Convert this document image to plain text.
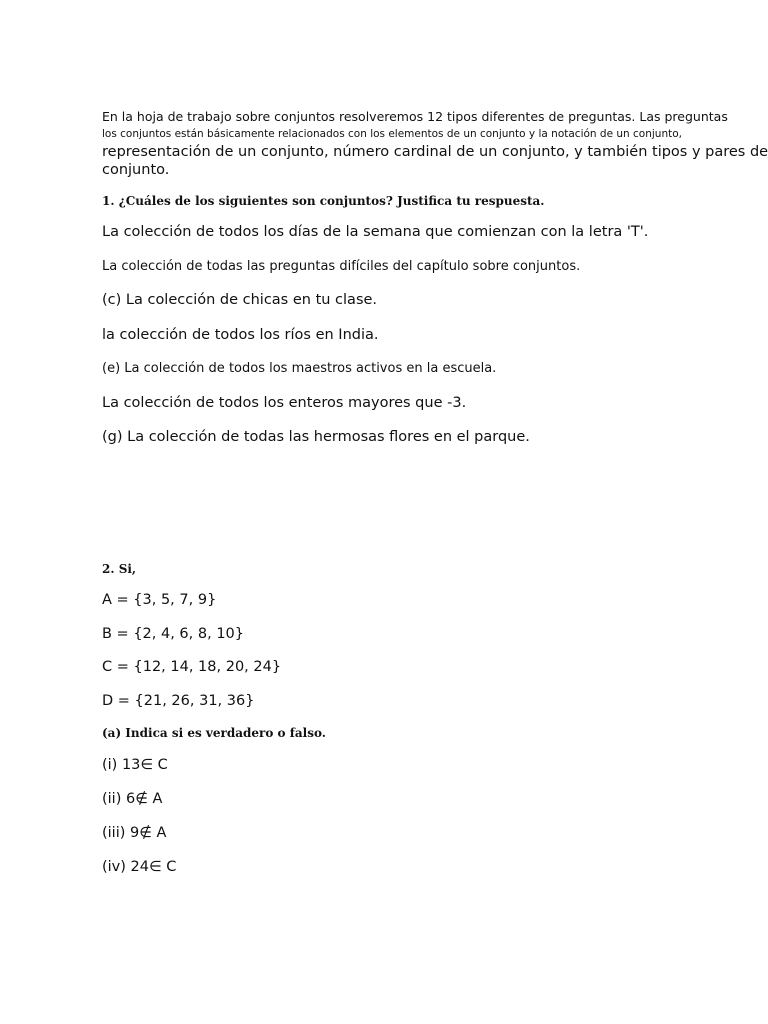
En la hoja de trabajo sobre conjuntos resolveremos 12 tipos diferentes de preguntas. Las preguntas

los conjuntos están básicamente relacionados con los elementos de un conjunto y la notación de un conjunto,

representación de un conjunto, número cardinal de un conjunto, y también tipos y pares de

conjunto.

1. ¿Cuáles de los siguientes son conjuntos? Justifica tu respuesta.

La colección de todos los días de la semana que comienzan con la letra 'T'.

La colección de todas las preguntas difíciles del capítulo sobre conjuntos.

(c) La colección de chicas en tu clase.

la colección de todos los ríos en India.

(e) La colección de todos los maestros activos en la escuela.

La colección de todos los enteros mayores que -3.

(g) La colección de todas las hermosas flores en el parque.

2. Si,

A = {3, 5, 7, 9}

B = {2, 4, 6, 8, 10}

C = {12, 14, 18, 20, 24}

D = {21, 26, 31, 36}

(a) Indica si es verdadero o falso.

(i) 13∈ C

(ii) 6∉ A

(iii) 9∉ A

(iv) 24∈ C
